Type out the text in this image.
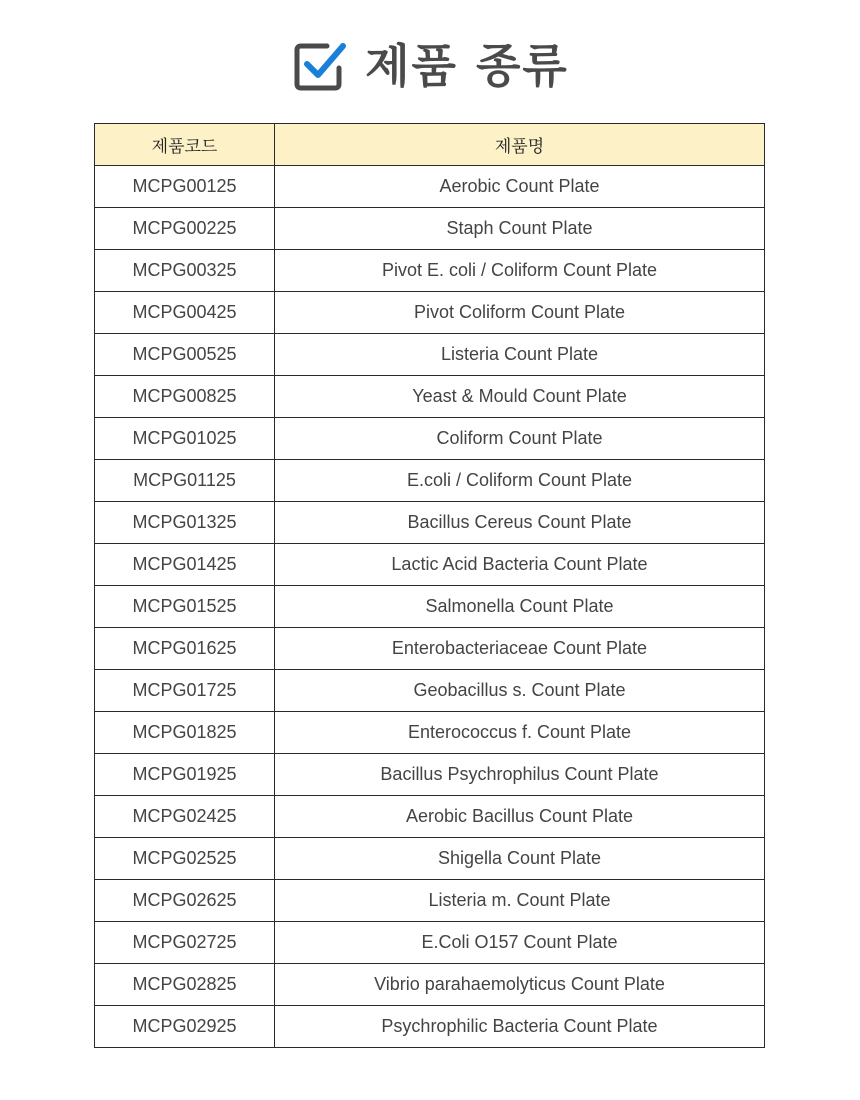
제품 종류
제품코드	제품명
MCPG00125	Aerobic Count Plate
MCPG00225	Staph Count Plate
MCPG00325	Pivot E. coli / Coliform Count Plate
MCPG00425	Pivot Coliform Count Plate
MCPG00525	Listeria Count Plate
MCPG00825	Yeast & Mould Count Plate
MCPG01025	Coliform Count Plate
MCPG01125	E.coli / Coliform Count Plate
MCPG01325	Bacillus Cereus Count Plate
MCPG01425	Lactic Acid Bacteria Count Plate
MCPG01525	Salmonella Count Plate
MCPG01625	Enterobacteriaceae Count Plate
MCPG01725	Geobacillus s. Count Plate
MCPG01825	Enterococcus f. Count Plate
MCPG01925	Bacillus Psychrophilus Count Plate
MCPG02425	Aerobic Bacillus Count Plate
MCPG02525	Shigella Count Plate
MCPG02625	Listeria m. Count Plate
MCPG02725	E.Coli O157 Count Plate
MCPG02825	Vibrio parahaemolyticus Count Plate
MCPG02925	Psychrophilic Bacteria Count Plate
